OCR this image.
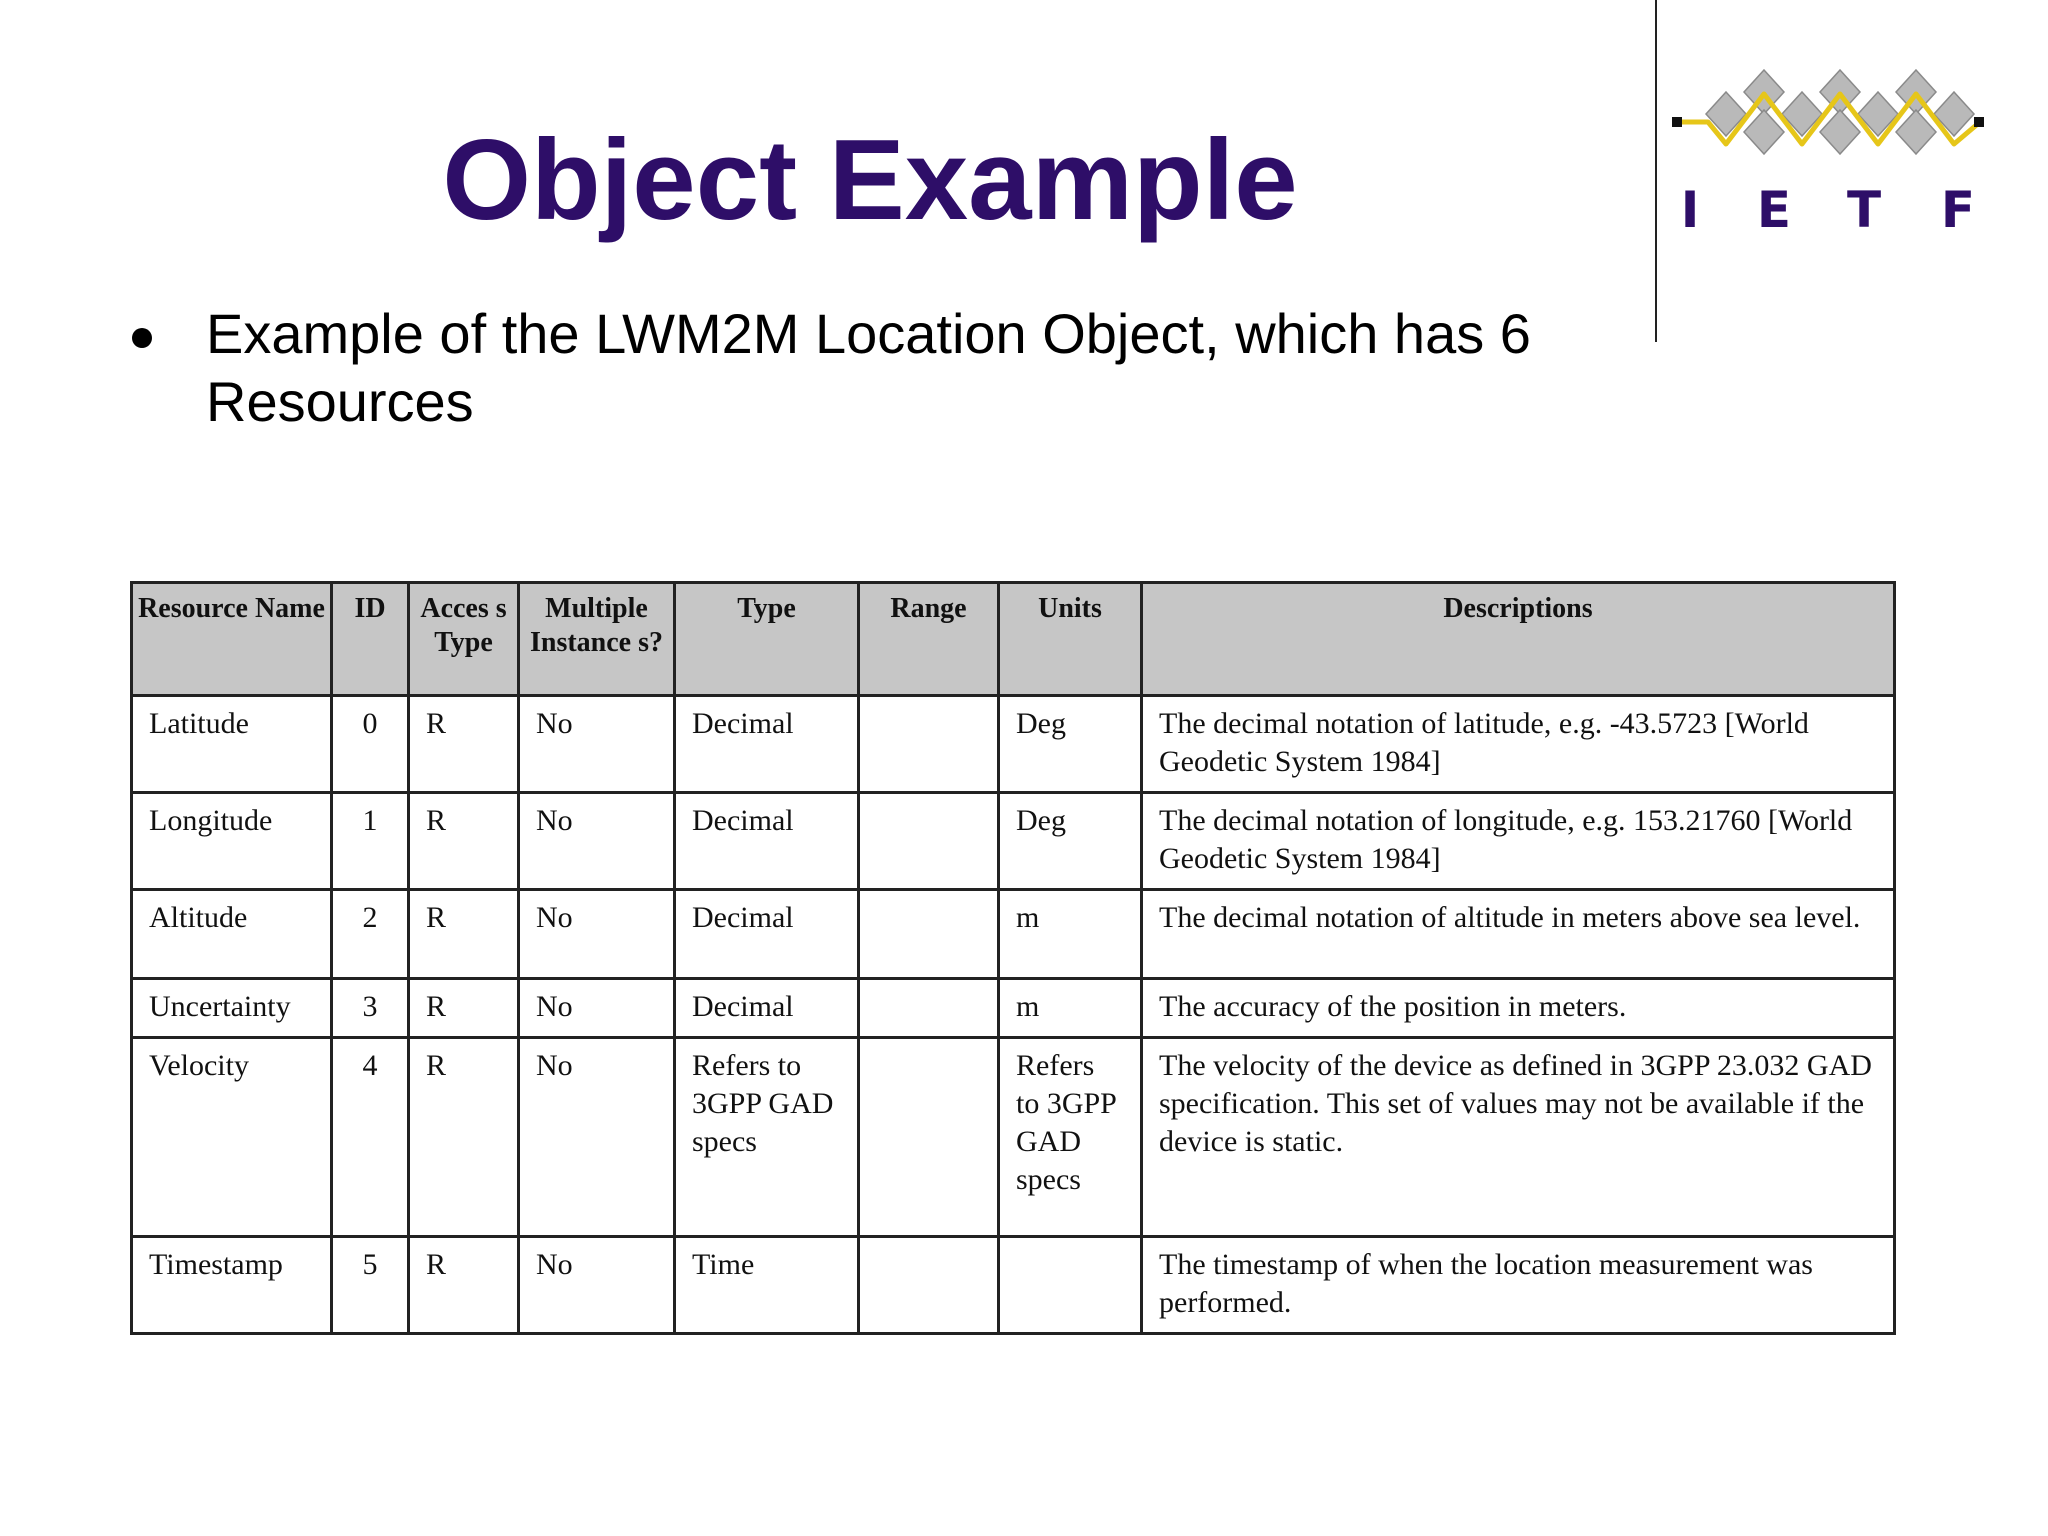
Object Example	I E T F

Example of the LWM2M Location Object, which has 6 Resources

Resource Name	ID	Acces s Type	Multiple Instance s?	Type	Range	Units	Descriptions
Latitude	0	R	No	Decimal		Deg	The decimal notation of latitude, e.g. -43.5723 [World Geodetic System 1984]
Longitude	1	R	No	Decimal		Deg	The decimal notation of longitude, e.g. 153.21760 [World Geodetic System 1984]
Altitude	2	R	No	Decimal		m	The decimal notation of altitude in meters above sea level.
Uncertainty	3	R	No	Decimal		m	The accuracy of the position in meters.
Velocity	4	R	No	Refers to 3GPP GAD specs		Refers to 3GPP GAD specs	The velocity of the device as defined in 3GPP 23.032 GAD specification. This set of values may not be available if the device is static.
Timestamp	5	R	No	Time			The timestamp of when the location measurement was performed.
